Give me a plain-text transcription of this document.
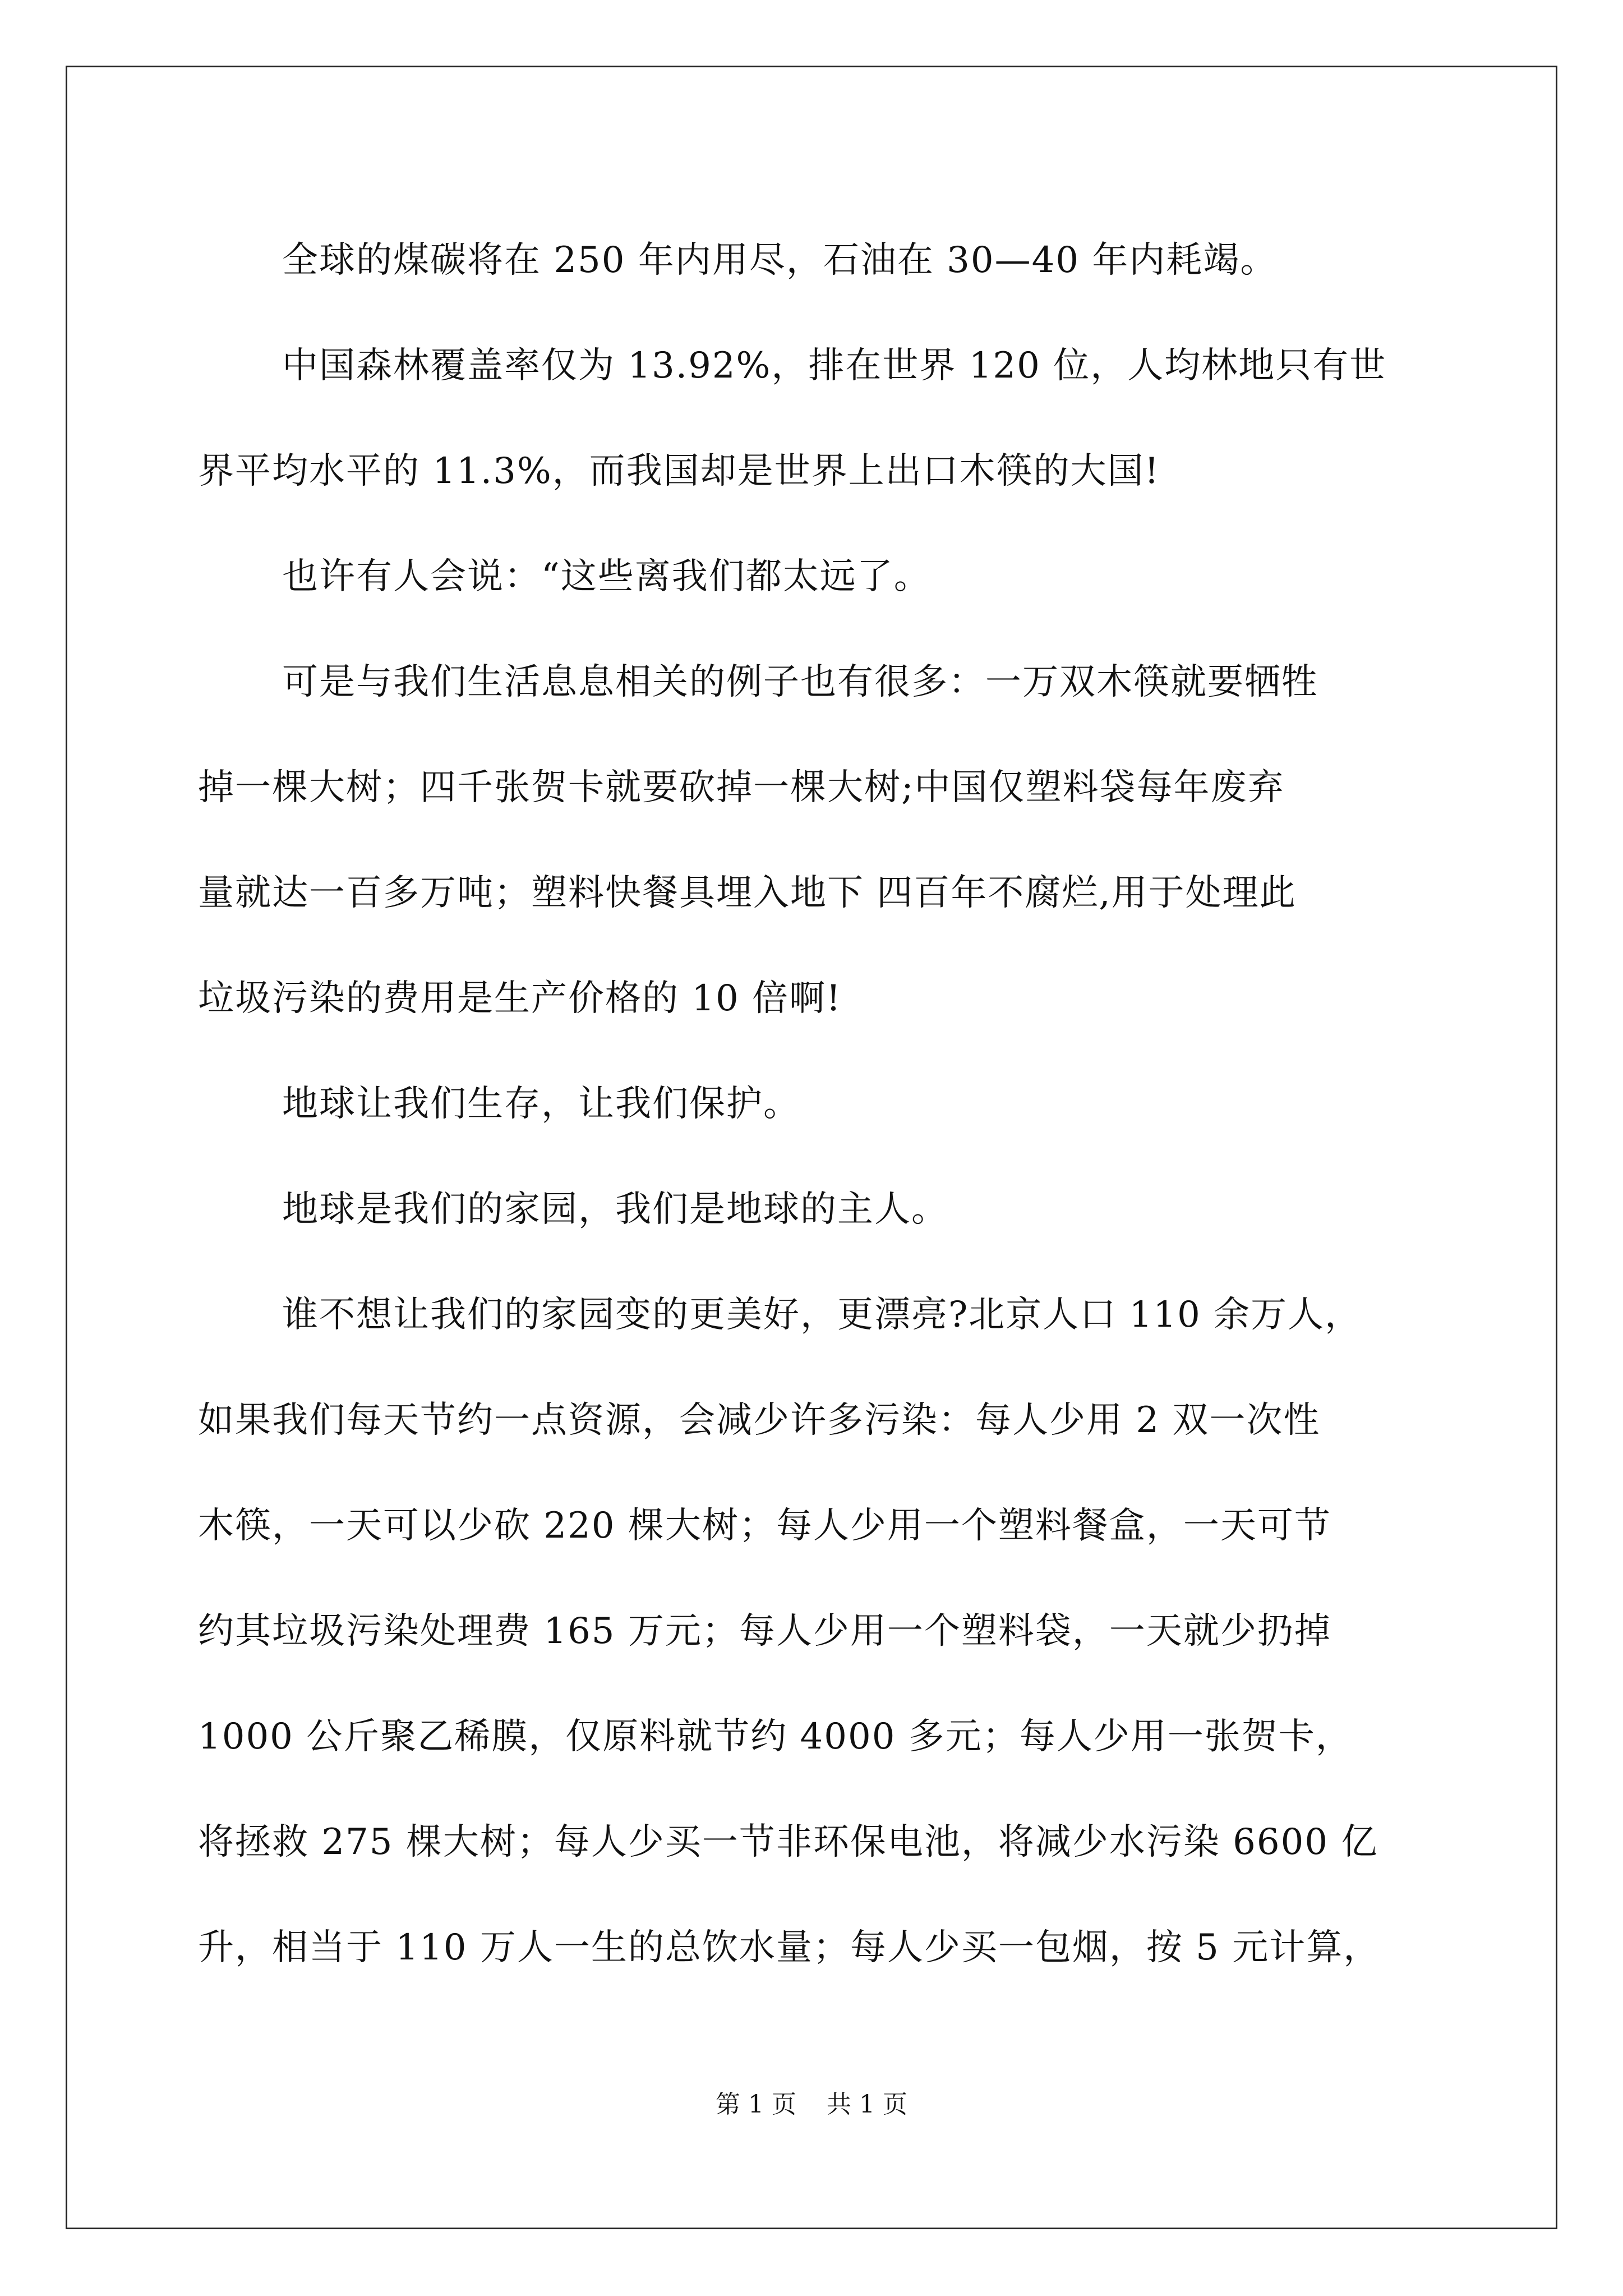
全球的煤碳将在 250 年内用尽，石油在 30—40 年内耗竭。

中国森林覆盖率仅为 13.92%，排在世界 120 位，人均林地只有世
界平均水平的 11.3%，而我国却是世界上出口木筷的大国!

也许有人会说：“这些离我们都太远了。

可是与我们生活息息相关的例子也有很多：一万双木筷就要牺牲
掉一棵大树；四千张贺卡就要砍掉一棵大树;中国仅塑料袋每年废弃
量就达一百多万吨；塑料快餐具埋入地下 四百年不腐烂,用于处理此
垃圾污染的费用是生产价格的 10 倍啊!

地球让我们生存，让我们保护。

地球是我们的家园，我们是地球的主人。

谁不想让我们的家园变的更美好，更漂亮?北京人口 110 余万人，
如果我们每天节约一点资源，会减少许多污染：每人少用 2 双一次性
木筷，一天可以少砍 220 棵大树；每人少用一个塑料餐盒，一天可节
约其垃圾污染处理费 165 万元；每人少用一个塑料袋，一天就少扔掉
1000 公斤聚乙稀膜，仅原料就节约 4000 多元；每人少用一张贺卡，
将拯救 275 棵大树；每人少买一节非环保电池，将减少水污染 6600 亿
升，相当于 110 万人一生的总饮水量；每人少买一包烟，按 5 元计算，

第 1 页 共 1 页
